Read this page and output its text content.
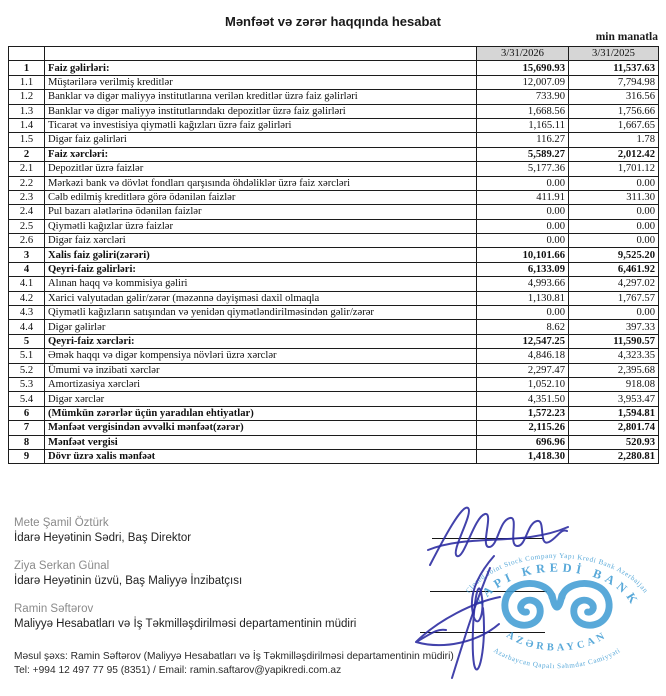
Mənfəət və zərər haqqında hesabat
min manatla
		3/31/2026	3/31/2025
1	Faiz gəlirləri:	15,690.93	11,537.63
1.1	Müştərilərə verilmiş kreditlər	12,007.09	7,794.98
1.2	Banklar və digər maliyyə institutlarına verilən kreditlər üzrə faiz gəlirləri	733.90	316.56
1.3	Banklar və digər maliyyə institutlarındakı depozitlər üzrə faiz gəlirləri	1,668.56	1,756.66
1.4	Ticarət və investisiya qiymətli kağızları üzrə faiz gəlirləri	1,165.11	1,667.65
1.5	Digər faiz gəlirləri	116.27	1.78
2	Faiz xərcləri:	5,589.27	2,012.42
2.1	Depozitlər üzrə faizlər	5,177.36	1,701.12
2.2	Mərkəzi bank və dövlət fondları qarşısında öhdəliklər üzrə faiz xərcləri	0.00	0.00
2.3	Cəlb edilmiş kreditlərə görə ödənilən faizlər	411.91	311.30
2.4	Pul bazarı alətlərinə ödənilən faizlər	0.00	0.00
2.5	Qiymətli kağızlar üzrə faizlər	0.00	0.00
2.6	Digər faiz xərcləri	0.00	0.00
3	Xalis faiz gəliri(zərəri)	10,101.66	9,525.20
4	Qeyri-faiz gəlirləri:	6,133.09	6,461.92
4.1	Alınan haqq və kommisiya gəliri	4,993.66	4,297.02
4.2	Xarici valyutadan gəlir/zərər (məzənnə dəyişməsi daxil olmaqla	1,130.81	1,767.57
4.3	Qiymətli kağızların satışından və yenidən qiymətləndirilməsindən gəlir/zərər	0.00	0.00
4.4	Digər gəlirlər	8.62	397.33
5	Qeyri-faiz xərcləri:	12,547.25	11,590.57
5.1	Əmək haqqı və digər kompensiya növləri üzrə xərclər	4,846.18	4,323.35
5.2	Ümumi və inzibati xərclər	2,297.47	2,395.68
5.3	Amortizasiya xərcləri	1,052.10	918.08
5.4	Digər xərclər	4,351.50	3,953.47
6	(Mümkün zərərlər üçün yaradılan ehtiyatlar)	1,572.23	1,594.81
7	Mənfəət vergisindən əvvəlki mənfəət(zərər)	2,115.26	2,801.74
8	Mənfəət vergisi	696.96	520.93
9	Dövr üzrə xalis mənfəət	1,418.30	2,280.81
Mete Şamil Öztürk
İdarə Heyətinin Sədri, Baş Direktor
Ziya Serkan Günal
İdarə Heyətinin üzvü, Baş Maliyyə İnzibatçısı
Ramin Səftərov
Maliyyə Hesabatları və İş Təkmilləşdirilməsi departamentinin müdiri
Məsul şəxs: Ramin Səftərov (Maliyyə Hesabatları və İş Təkmilləşdirilməsi departamentinin müdiri)
Tel: +994 12 497 77 95 (8351) / Email: ramin.saftarov@yapikredi.com.az
Closed Joint Stock Company Yapı Kredi Bank Azerbaijan
YAPI KREDİ BANK
AZƏRBAYCAN
Azərbaycan Qapalı Səhmdar Cəmiyyəti
